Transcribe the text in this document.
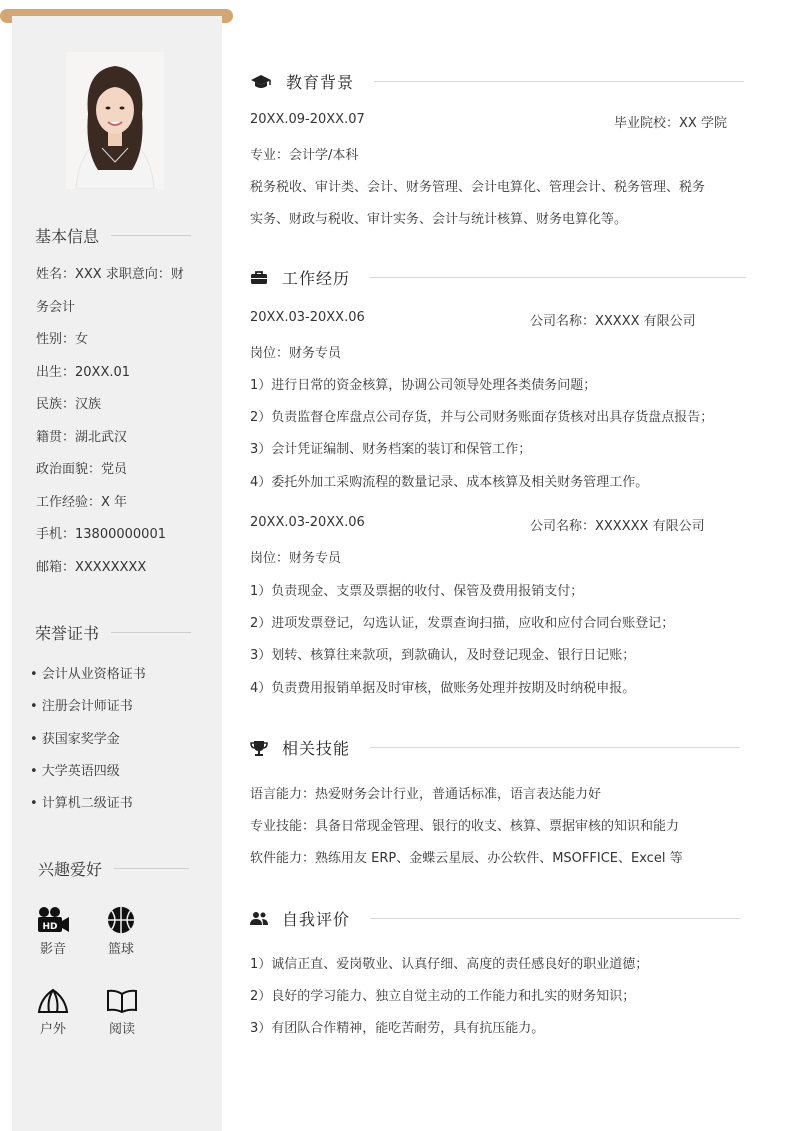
基本信息
姓名：XXX 求职意向：财
务会计
性别：女
出生：20XX.01
民族：汉族
籍贯：湖北武汉
政治面貌：党员
工作经验：X 年
手机：13800000001
邮箱：XXXXXXXX
荣誉证书
• 会计从业资格证书
• 注册会计师证书
• 获国家奖学金
• 大学英语四级
• 计算机二级证书
兴趣爱好
HD
影音	篮球
户外	阅读
教育背景
20XX.09-20XX.07	毕业院校：XX 学院
专业：会计学/本科
税务税收、审计类、会计、财务管理、会计电算化、管理会计、税务管理、税务
实务、财政与税收、审计实务、会计与统计核算、财务电算化等。
工作经历
20XX.03-20XX.06	公司名称：XXXXX 有限公司
岗位：财务专员
1）进行日常的资金核算，协调公司领导处理各类债务问题；
2）负责监督仓库盘点公司存货，并与公司财务账面存货核对出具存货盘点报告；
3）会计凭证编制、财务档案的装订和保管工作；
4）委托外加工采购流程的数量记录、成本核算及相关财务管理工作。
20XX.03-20XX.06	公司名称：XXXXXX 有限公司
岗位：财务专员
1）负责现金、支票及票据的收付、保管及费用报销支付；
2）进项发票登记，勾选认证，发票查询扫描，应收和应付合同台账登记；
3）划转、核算往来款项，到款确认，及时登记现金、银行日记账；
4）负责费用报销单据及时审核，做账务处理并按期及时纳税申报。
相关技能
语言能力：热爱财务会计行业，普通话标准，语言表达能力好
专业技能：具备日常现金管理、银行的收支、核算、票据审核的知识和能力
软件能力：熟练用友 ERP、金蝶云星辰、办公软件、MSOFFICE、Excel 等
自我评价
1）诚信正直、爱岗敬业、认真仔细、高度的责任感良好的职业道德；
2）良好的学习能力、独立自觉主动的工作能力和扎实的财务知识；
3）有团队合作精神，能吃苦耐劳，具有抗压能力。
